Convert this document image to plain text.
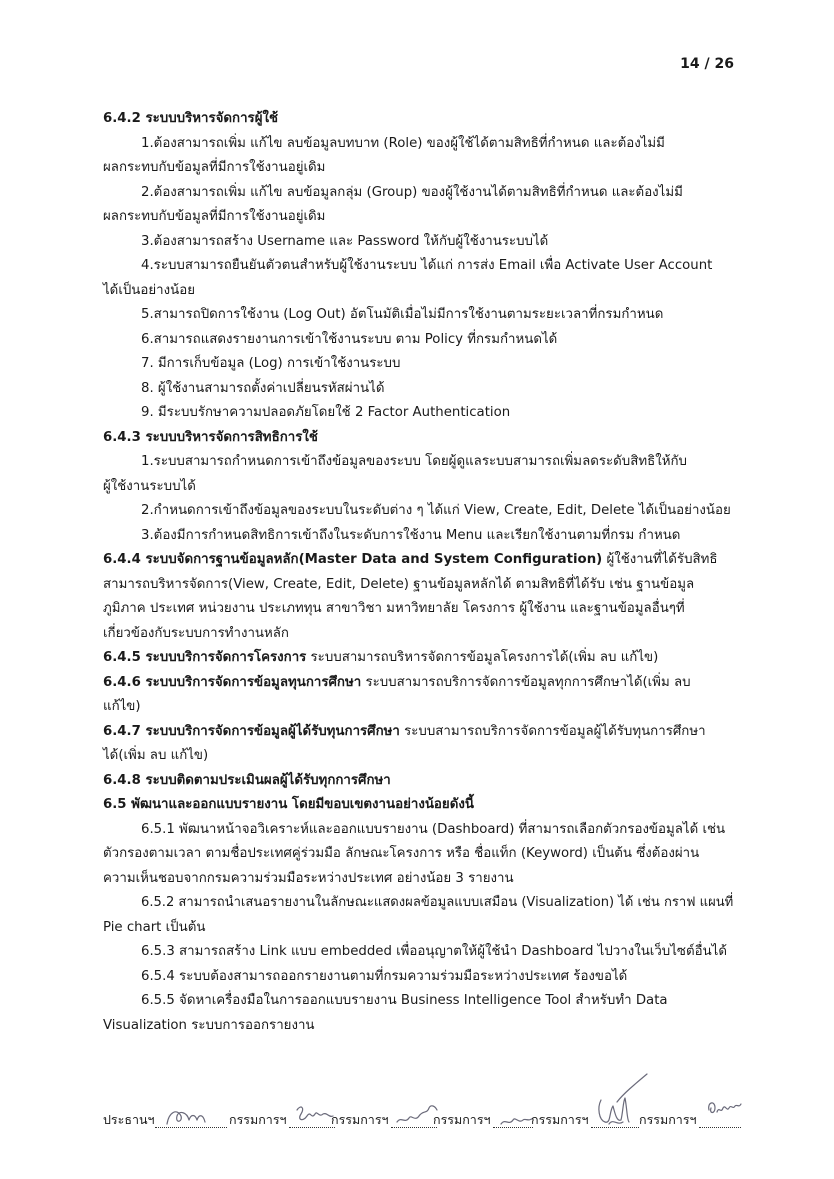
14 / 26
6.4.2 ระบบบริหารจัดการผู้ใช้
1.ต้องสามารถเพิ่ม แก้ไข ลบข้อมูลบทบาท (Role) ของผู้ใช้ได้ตามสิทธิที่กำหนด และต้องไม่มี
ผลกระทบกับข้อมูลที่มีการใช้งานอยู่เดิม
2.ต้องสามารถเพิ่ม แก้ไข ลบข้อมูลกลุ่ม (Group) ของผู้ใช้งานได้ตามสิทธิที่กำหนด และต้องไม่มี
ผลกระทบกับข้อมูลที่มีการใช้งานอยู่เดิม
3.ต้องสามารถสร้าง Username และ Password ให้กับผู้ใช้งานระบบได้
4.ระบบสามารถยืนยันตัวตนสำหรับผู้ใช้งานระบบ ได้แก่ การส่ง Email เพื่อ Activate User Account
ได้เป็นอย่างน้อย
5.สามารถปิดการใช้งาน (Log Out) อัตโนมัติเมื่อไม่มีการใช้งานตามระยะเวลาที่กรมกำหนด
6.สามารถแสดงรายงานการเข้าใช้งานระบบ ตาม Policy ที่กรมกำหนดได้
7. มีการเก็บข้อมูล (Log) การเข้าใช้งานระบบ
8. ผู้ใช้งานสามารถตั้งค่าเปลี่ยนรหัสผ่านได้
9. มีระบบรักษาความปลอดภัยโดยใช้ 2 Factor Authentication
6.4.3 ระบบบริหารจัดการสิทธิการใช้
1.ระบบสามารถกำหนดการเข้าถึงข้อมูลของระบบ โดยผู้ดูแลระบบสามารถเพิ่มลดระดับสิทธิให้กับ
ผู้ใช้งานระบบได้
2.กำหนดการเข้าถึงข้อมูลของระบบในระดับต่าง ๆ ได้แก่ View, Create, Edit, Delete ได้เป็นอย่างน้อย
3.ต้องมีการกำหนดสิทธิการเข้าถึงในระดับการใช้งาน Menu และเรียกใช้งานตามที่กรม กำหนด
6.4.4 ระบบจัดการฐานข้อมูลหลัก(Master Data and System Configuration) ผู้ใช้งานที่ได้รับสิทธิ
สามารถบริหารจัดการ(View, Create, Edit, Delete) ฐานข้อมูลหลักได้ ตามสิทธิที่ได้รับ เช่น ฐานข้อมูล
ภูมิภาค ประเทศ หน่วยงาน ประเภททุน สาขาวิชา มหาวิทยาลัย โครงการ ผู้ใช้งาน และฐานข้อมูลอื่นๆที่
เกี่ยวข้องกับระบบการทำงานหลัก
6.4.5 ระบบบริการจัดการโครงการ ระบบสามารถบริหารจัดการข้อมูลโครงการได้(เพิ่ม ลบ แก้ไข)
6.4.6 ระบบบริการจัดการข้อมูลทุนการศึกษา ระบบสามารถบริการจัดการข้อมูลทุกการศึกษาได้(เพิ่ม ลบ
แก้ไข)
6.4.7 ระบบบริการจัดการข้อมูลผู้ได้รับทุนการศึกษา ระบบสามารถบริการจัดการข้อมูลผู้ได้รับทุนการศึกษา
ได้(เพิ่ม ลบ แก้ไข)
6.4.8 ระบบติดตามประเมินผลผู้ได้รับทุกการศึกษา
6.5 พัฒนาและออกแบบรายงาน โดยมีขอบเขตงานอย่างน้อยดังนี้
6.5.1 พัฒนาหน้าจอวิเคราะห์และออกแบบรายงาน (Dashboard) ที่สามารถเลือกตัวกรองข้อมูลได้ เช่น
ตัวกรองตามเวลา ตามชื่อประเทศคู่ร่วมมือ ลักษณะโครงการ หรือ ชื่อแท็ก (Keyword) เป็นต้น ซึ่งต้องผ่าน
ความเห็นชอบจากกรมความร่วมมือระหว่างประเทศ อย่างน้อย 3 รายงาน
6.5.2 สามารถนำเสนอรายงานในลักษณะแสดงผลข้อมูลแบบเสมือน (Visualization) ได้ เช่น กราฟ แผนที่
Pie chart เป็นต้น
6.5.3 สามารถสร้าง Link แบบ embedded เพื่ออนุญาตให้ผู้ใช้นำ Dashboard ไปวางในเว็บไซต์อื่นได้
6.5.4 ระบบต้องสามารถออกรายงานตามที่กรมความร่วมมือระหว่างประเทศ ร้องขอได้
6.5.5 จัดหาเครื่องมือในการออกแบบรายงาน Business Intelligence Tool สำหรับทำ Data
Visualization ระบบการออกรายงาน
ประธานฯ	กรรมการฯ	กรรมการฯ	กรรมการฯ	กรรมการฯ	กรรมการฯ
